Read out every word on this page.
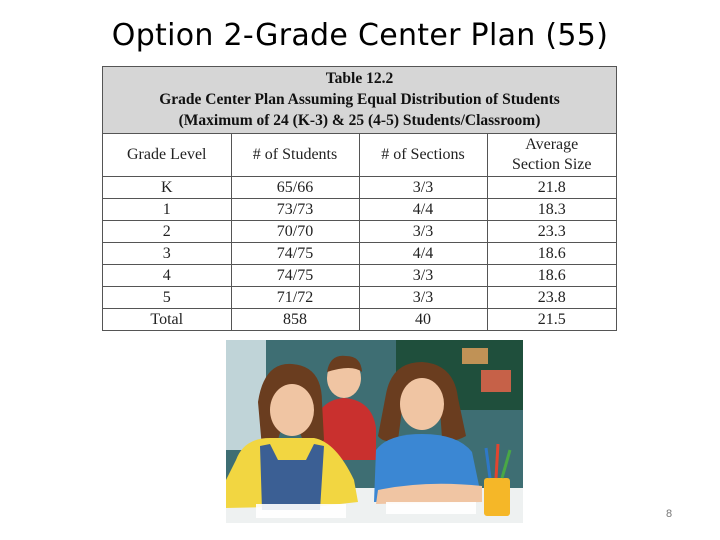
Option 2-Grade Center Plan (55)
Table 12.2
Grade Center Plan Assuming Equal Distribution of Students
(Maximum of 24 (K-3) & 25 (4-5) Students/Classroom)
Grade Level	# of Students	# of Sections	Average
Section Size

K	65/66	3/3	21.8
1	73/73	4/4	18.3
2	70/70	3/3	23.3
3	74/75	4/4	18.6
4	74/75	3/3	18.6
5	71/72	3/3	23.8
Total	858	40	21.5
8
